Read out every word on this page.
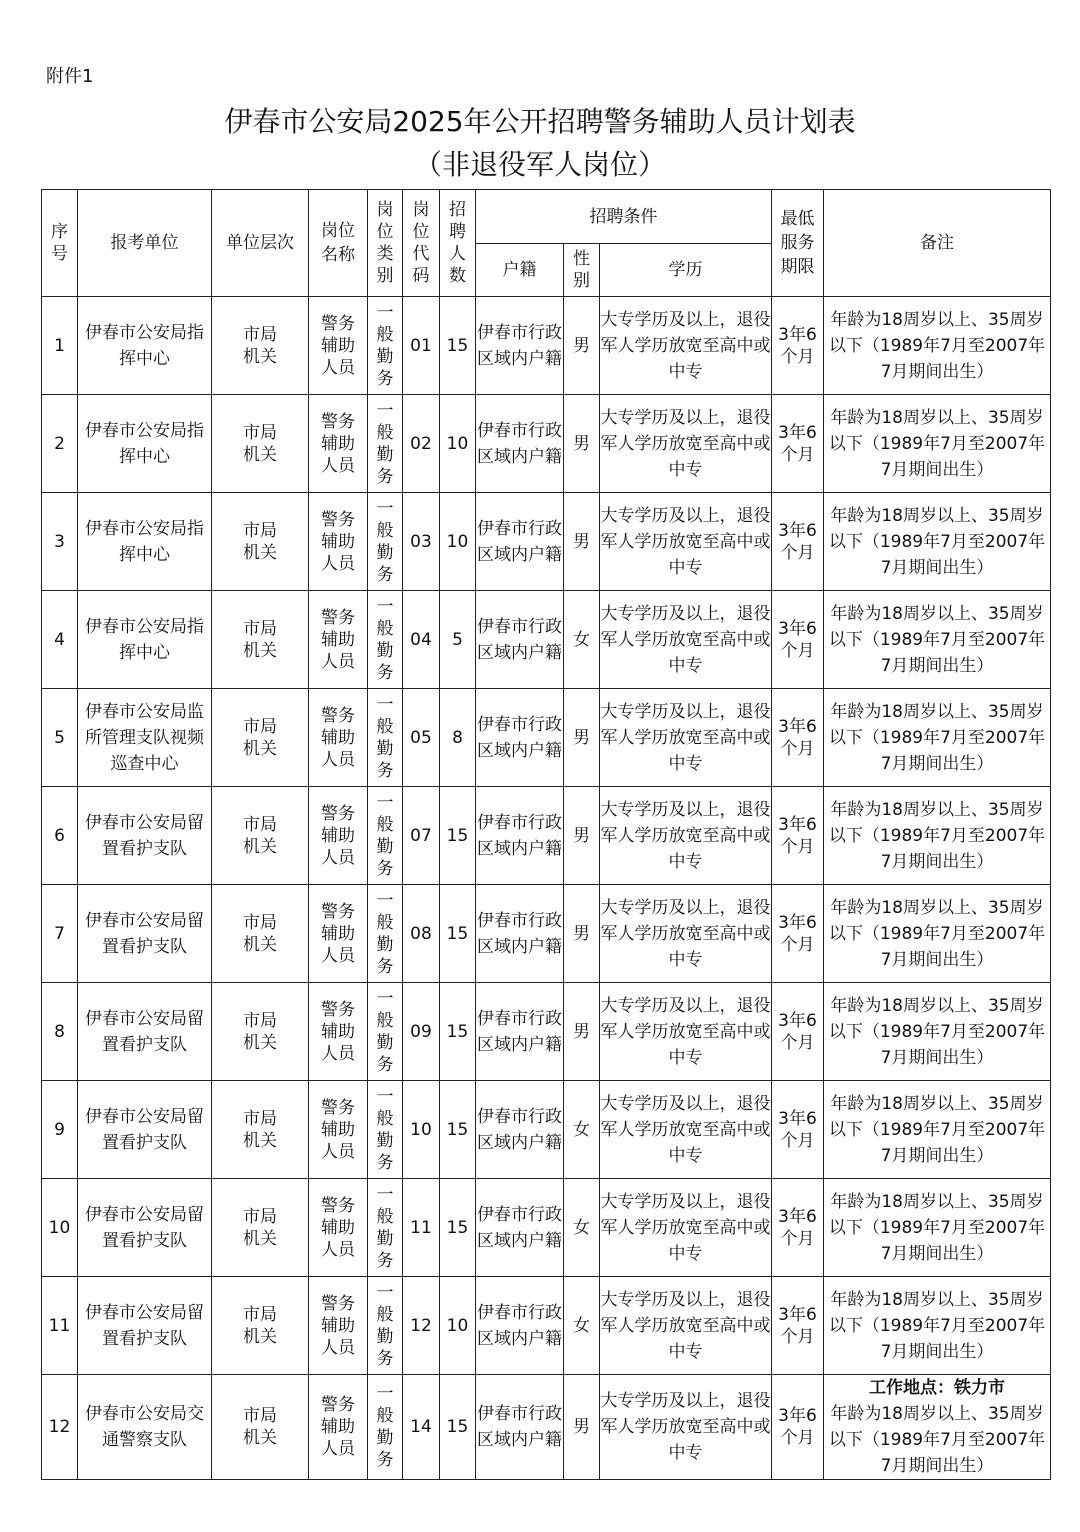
附件1
伊春市公安局2025年公开招聘警务辅助人员计划表
（非退役军人岗位）
序号	报考单位	单位层次	岗位名称	岗位类别	岗位代码	招聘人数	招聘条件			最低服务期限	备注
							户籍	性别	学历		
1	伊春市公安局指挥中心	市局机关	警务辅助人员	一般勤务	01	15	伊春市行政区域内户籍	男	大专学历及以上，退役军人学历放宽至高中或中专	3年6个月	年龄为18周岁以上、35周岁以下（1989年7月至2007年7月期间出生）
2	伊春市公安局指挥中心	市局机关	警务辅助人员	一般勤务	02	10	伊春市行政区域内户籍	男	大专学历及以上，退役军人学历放宽至高中或中专	3年6个月	年龄为18周岁以上、35周岁以下（1989年7月至2007年7月期间出生）
3	伊春市公安局指挥中心	市局机关	警务辅助人员	一般勤务	03	10	伊春市行政区域内户籍	男	大专学历及以上，退役军人学历放宽至高中或中专	3年6个月	年龄为18周岁以上、35周岁以下（1989年7月至2007年7月期间出生）
4	伊春市公安局指挥中心	市局机关	警务辅助人员	一般勤务	04	5	伊春市行政区域内户籍	女	大专学历及以上，退役军人学历放宽至高中或中专	3年6个月	年龄为18周岁以上、35周岁以下（1989年7月至2007年7月期间出生）
5	伊春市公安局监所管理支队视频巡查中心	市局机关	警务辅助人员	一般勤务	05	8	伊春市行政区域内户籍	男	大专学历及以上，退役军人学历放宽至高中或中专	3年6个月	年龄为18周岁以上、35周岁以下（1989年7月至2007年7月期间出生）
6	伊春市公安局留置看护支队	市局机关	警务辅助人员	一般勤务	07	15	伊春市行政区域内户籍	男	大专学历及以上，退役军人学历放宽至高中或中专	3年6个月	年龄为18周岁以上、35周岁以下（1989年7月至2007年7月期间出生）
7	伊春市公安局留置看护支队	市局机关	警务辅助人员	一般勤务	08	15	伊春市行政区域内户籍	男	大专学历及以上，退役军人学历放宽至高中或中专	3年6个月	年龄为18周岁以上、35周岁以下（1989年7月至2007年7月期间出生）
8	伊春市公安局留置看护支队	市局机关	警务辅助人员	一般勤务	09	15	伊春市行政区域内户籍	男	大专学历及以上，退役军人学历放宽至高中或中专	3年6个月	年龄为18周岁以上、35周岁以下（1989年7月至2007年7月期间出生）
9	伊春市公安局留置看护支队	市局机关	警务辅助人员	一般勤务	10	15	伊春市行政区域内户籍	女	大专学历及以上，退役军人学历放宽至高中或中专	3年6个月	年龄为18周岁以上、35周岁以下（1989年7月至2007年7月期间出生）
10	伊春市公安局留置看护支队	市局机关	警务辅助人员	一般勤务	11	15	伊春市行政区域内户籍	女	大专学历及以上，退役军人学历放宽至高中或中专	3年6个月	年龄为18周岁以上、35周岁以下（1989年7月至2007年7月期间出生）
11	伊春市公安局留置看护支队	市局机关	警务辅助人员	一般勤务	12	10	伊春市行政区域内户籍	女	大专学历及以上，退役军人学历放宽至高中或中专	3年6个月	年龄为18周岁以上、35周岁以下（1989年7月至2007年7月期间出生）
12	伊春市公安局交通警察支队	市局机关	警务辅助人员	一般勤务	14	15	伊春市行政区域内户籍	男	大专学历及以上，退役军人学历放宽至高中或中专	3年6个月	工作地点：铁力市
年龄为18周岁以上、35周岁以下（1989年7月至2007年7月期间出生）
